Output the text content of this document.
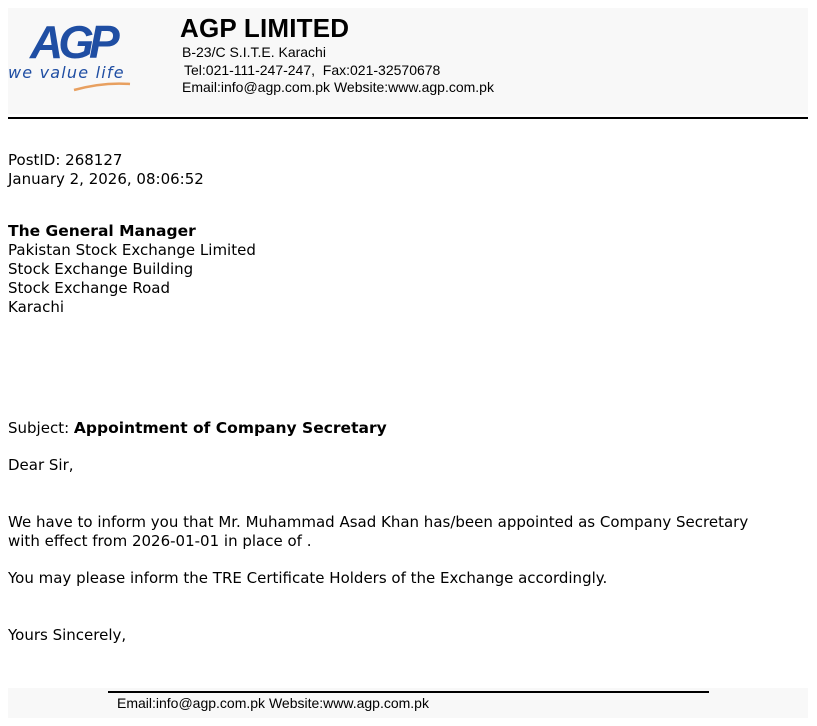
AGP
we value life
AGP LIMITED
B-23/C S.I.T.E. Karachi
Tel:021-111-247-247,  Fax:021-32570678
Email:info@agp.com.pk Website:www.agp.com.pk
PostID: 268127
January 2, 2026, 08:06:52
The General Manager
Pakistan Stock Exchange Limited
Stock Exchange Building
Stock Exchange Road
Karachi
Subject: Appointment of Company Secretary
Dear Sir,
We have to inform you that Mr. Muhammad Asad Khan has/been appointed as Company Secretary
with effect from 2026-01-01 in place of .
You may please inform the TRE Certificate Holders of the Exchange accordingly.
Yours Sincerely,
Email:info@agp.com.pk Website:www.agp.com.pk
